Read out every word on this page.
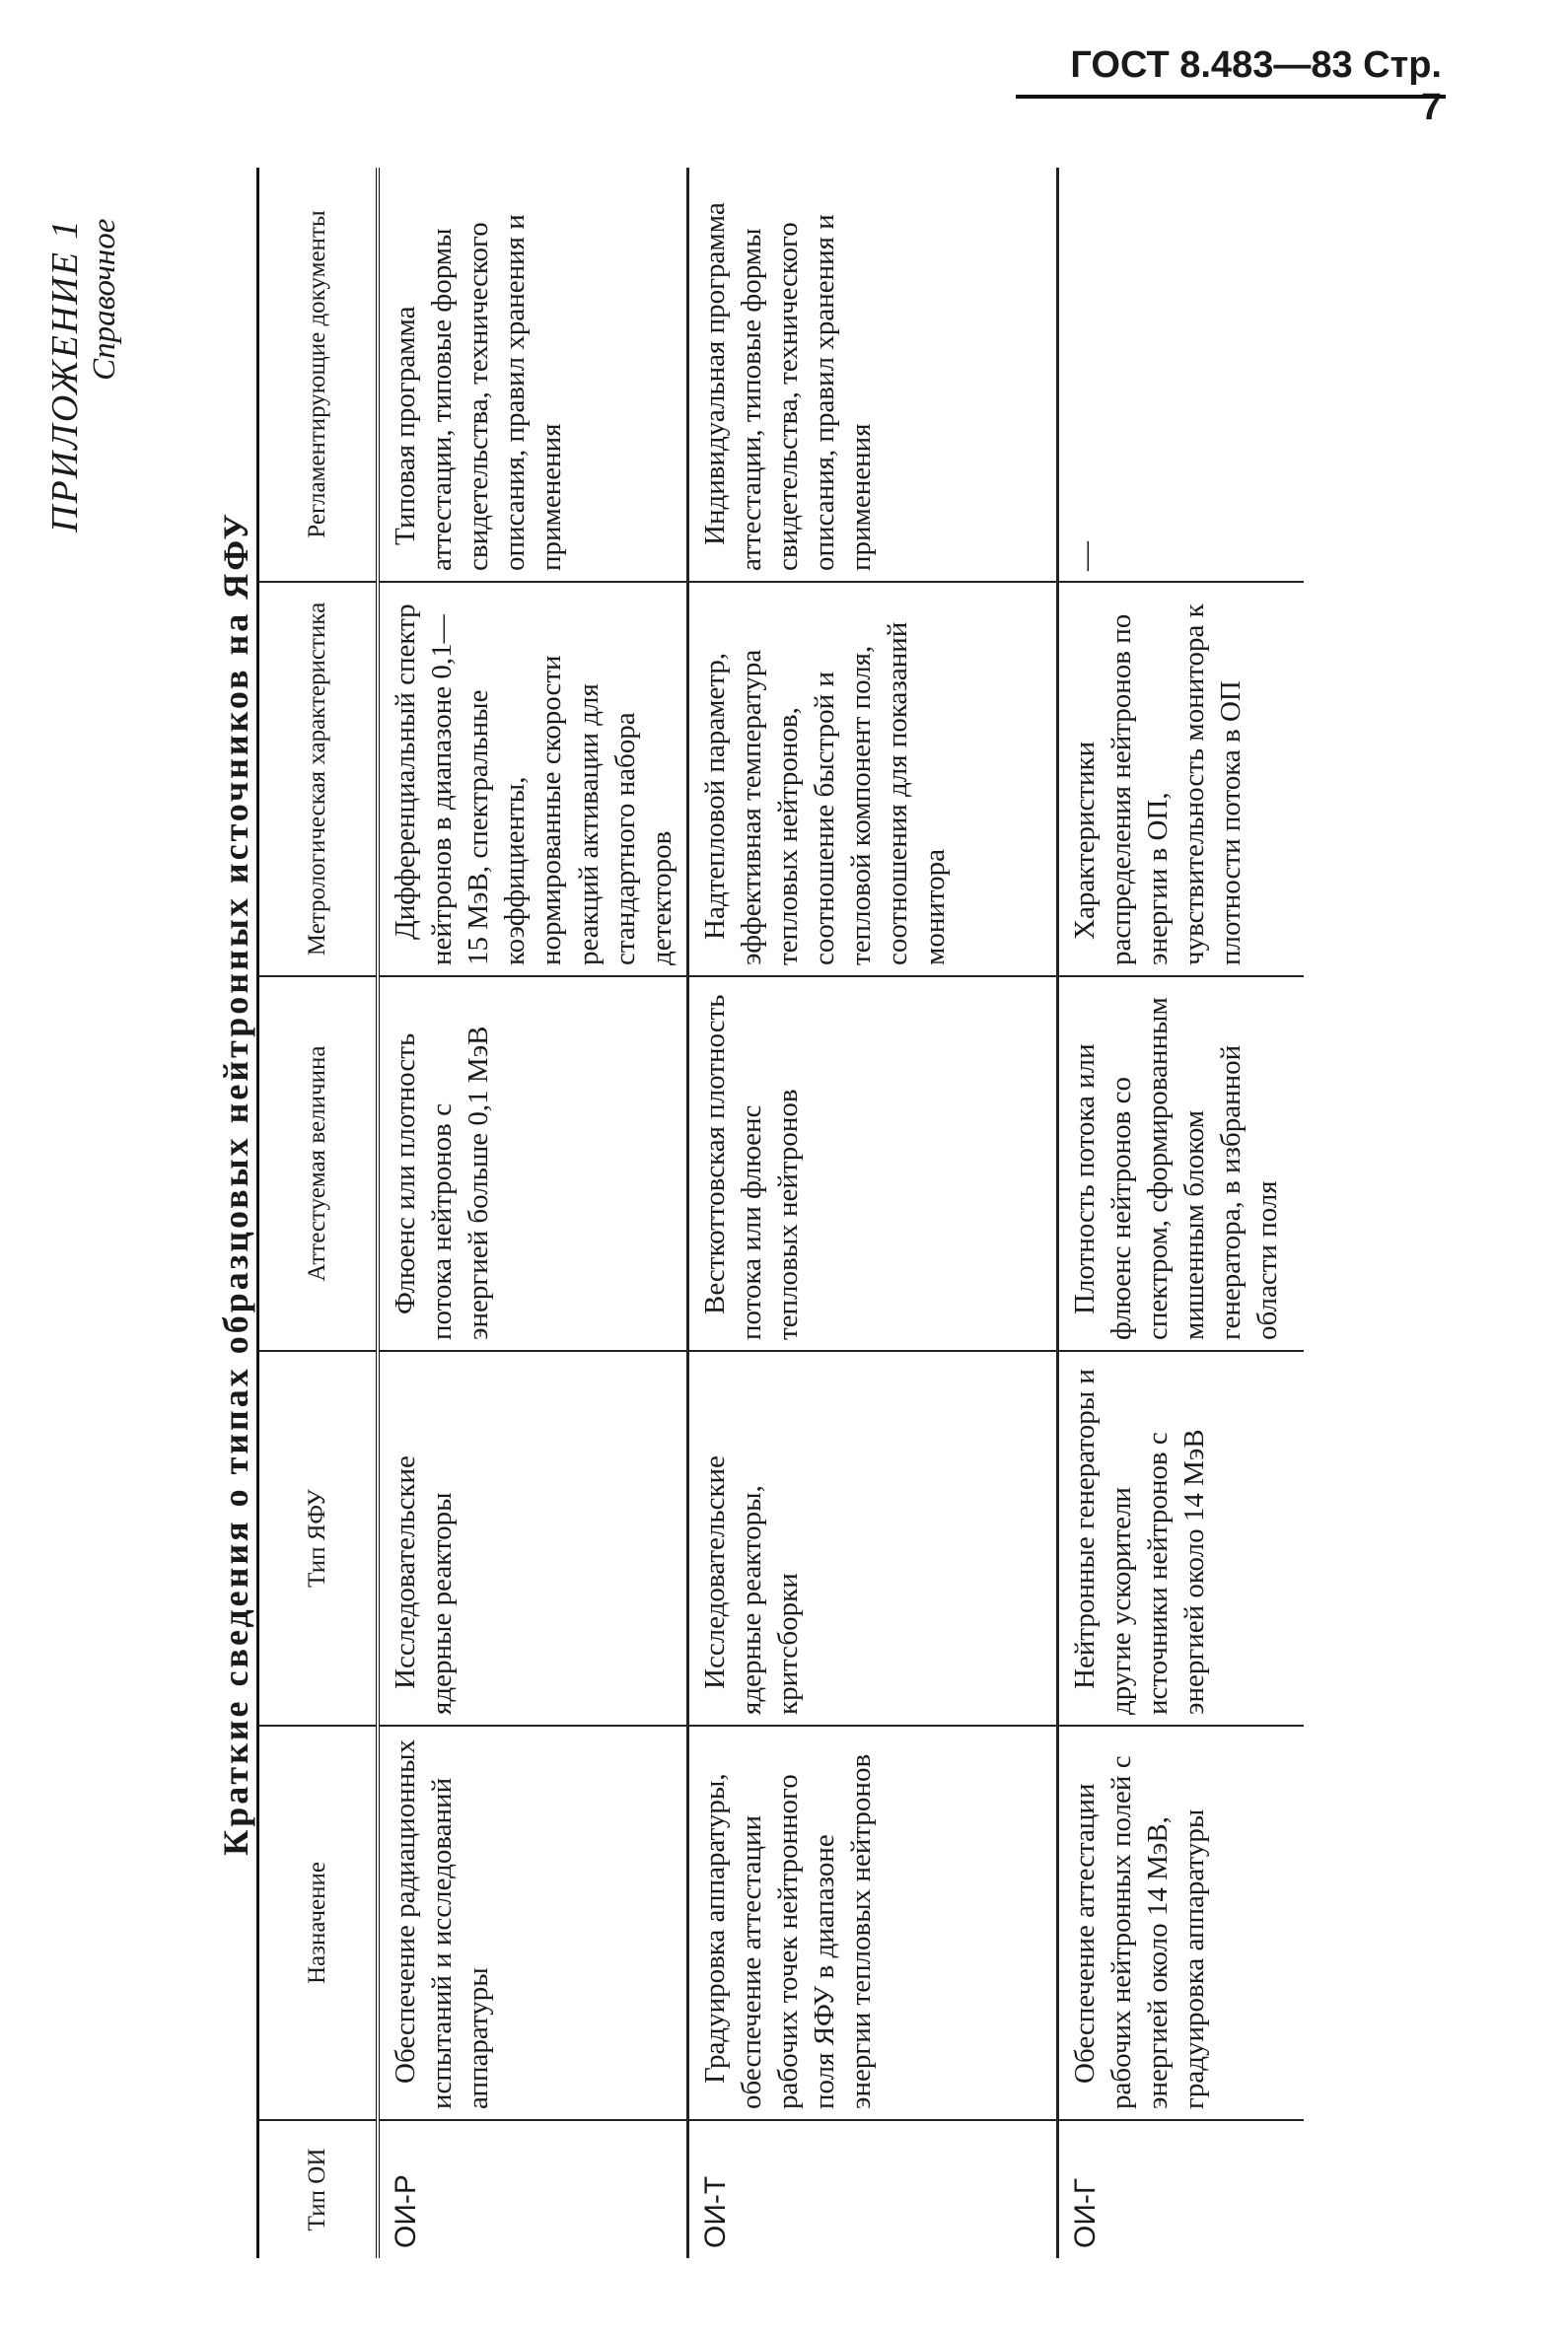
ГОСТ 8.483—83 Стр. 7
ПРИЛОЖЕНИЕ 1 Справочное
Краткие сведения о типах образцовых нейтронных источников на ЯФУ
Тип ОИ	Назначение	Тип ЯФУ	Аттестуемая величина	Метрологическая характеристика	Регламентирующие документы
ОИ-Р	Обеспечение радиационных испытаний и исследований аппаратуры	Исследовательские ядерные реакторы	Флюенс или плотность потока нейтронов с энергией больше 0,1 МэВ	Дифференциальный спектр нейтронов в диапазоне 0,1—15 МэВ, спектральные коэффициенты, нормированные скорости реакций активации для стандартного набора детекторов	Типовая программа аттестации, типовые формы свидетельства, технического описания, правил хранения и применения
ОИ-Т	Градуировка аппаратуры, обеспечение аттестации рабочих точек нейтронного поля ЯФУ в диапазоне энергии тепловых нейтронов	Исследовательские ядерные реакторы, критсборки	Весткоттовская плотность потока или флюенс тепловых нейтронов	Надтепловой параметр, эффективная температура тепловых нейтронов, соотношение быстрой и тепловой компонент поля, соотношения для показаний монитора	Индивидуальная программа аттестации, типовые формы свидетельства, технического описания, правил хранения и применения
ОИ-Г	Обеспечение аттестации рабочих нейтронных полей с энергией около 14 МэВ, градуировка аппаратуры	Нейтронные генераторы и другие ускорители источники нейтронов с энергией около 14 МэВ	Плотность потока или флюенс нейтронов со спектром, сформированным мишенным блоком генератора, в избранной области поля	Характеристики распределения нейтронов по энергии в ОП, чувствительность монитора к плотности потока в ОП	—
